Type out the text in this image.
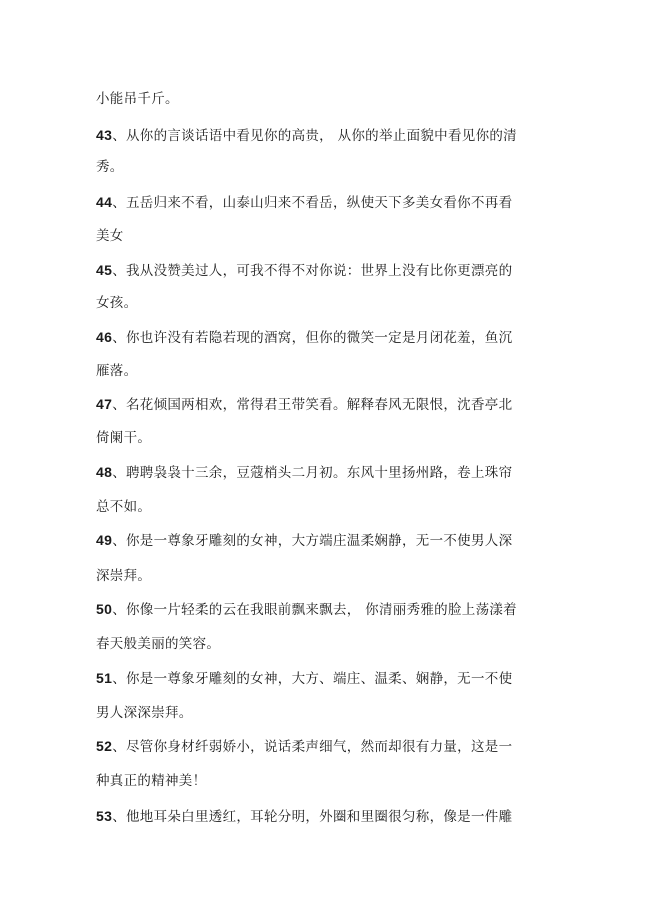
小能吊千斤。
43、从你的言谈话语中看见你的高贵， 从你的举止面貌中看见你的清
秀。
44、五岳归来不看，山泰山归来不看岳，纵使天下多美女看你不再看
美女
45、我从没赞美过人，可我不得不对你说：世界上没有比你更漂亮的
女孩。
46、你也许没有若隐若现的酒窝，但你的微笑一定是月闭花羞，鱼沉
雁落。
47、名花倾国两相欢，常得君王带笑看。解释春风无限恨，沈香亭北
倚阑干。
48、聘聘袅袅十三余，豆蔻梢头二月初。东风十里扬州路，卷上珠帘
总不如。
49、你是一尊象牙雕刻的女神，大方端庄温柔娴静，无一不使男人深
深崇拜。
50、你像一片轻柔的云在我眼前飘来飘去， 你清丽秀雅的脸上荡漾着
春天般美丽的笑容。
51、你是一尊象牙雕刻的女神，大方、端庄、温柔、娴静，无一不使
男人深深崇拜。
52、尽管你身材纤弱娇小，说话柔声细气，然而却很有力量，这是一
种真正的精神美！
53、他地耳朵白里透红，耳轮分明，外圈和里圈很匀称，像是一件雕
